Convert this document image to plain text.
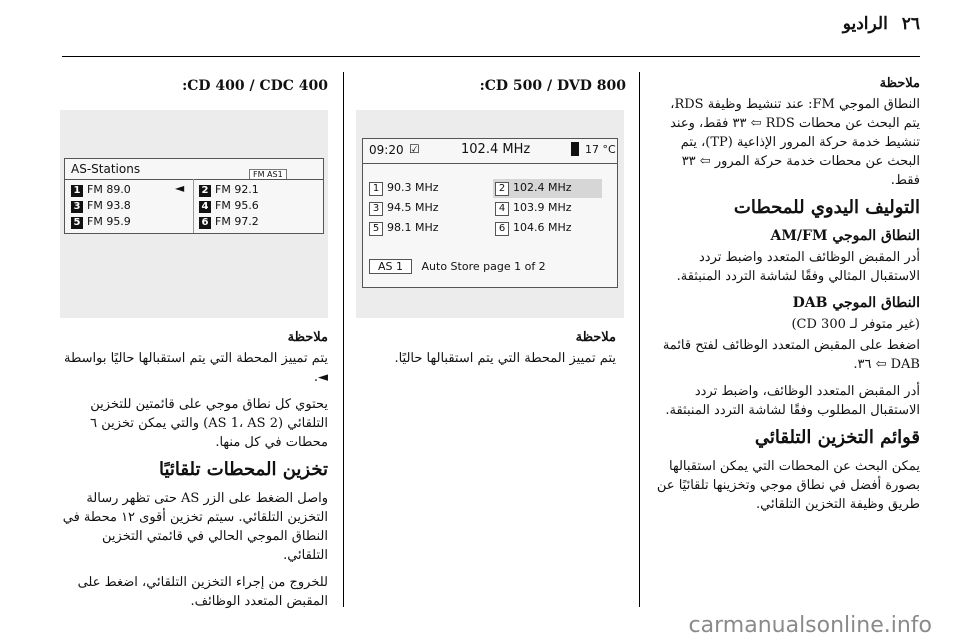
٢٦ الراديو
ملاحظة

النطاق الموجي FM: عند تنشيط وظيفة RDS، يتم البحث عن محطات RDS ⇦ ٣٣ فقط، وعند تنشيط خدمة حركة المرور الإذاعية (TP)، يتم البحث عن محطات خدمة حركة المرور ⇦ ٣٣ فقط.

التوليف اليدوي للمحطات
النطاق الموجي AM/FM

أدر المقبض الوظائف المتعدد واضبط تردد الاستقبال المثالي وفقًا لشاشة التردد المنبثقة.

النطاق الموجي DAB

(غير متوفر لـ CD 300)

اضغط على المقبض المتعدد الوظائف لفتح قائمة DAB ⇦ ٣٦.

أدر المقبض المتعدد الوظائف، واضبط تردد الاستقبال المطلوب وفقًا لشاشة التردد المنبثقة.

قوائم التخزين التلقائي

يمكن البحث عن المحطات التي يمكن استقبالها بصورة أفضل في نطاق موجي وتخزينها تلقائيًا عن طريق وظيفة التخزين التلقائي.

:CD 500 / DVD 800
09:20 ☑	102.4 MHz	17 °C
1 90.3 MHz	2 102.4 MHz
3 94.5 MHz	4 103.9 MHz
5 98.1 MHz	6 104.6 MHz
AS 1 Auto Store page 1 of 2
ملاحظة

يتم تمييز المحطة التي يتم استقبالها حاليًا.

:CD 400 / CDC 400
AS-Stations	FM AS1
1 FM 89.0	◄ 2 FM 92.1
3 FM 93.8	4 FM 95.6
5 FM 95.9	6 FM 97.2
ملاحظة

يتم تمييز المحطة التي يتم استقبالها حاليًا بواسطة ◄.

يحتوي كل نطاق موجي على قائمتين للتخزين التلقائي (AS 1، AS 2) والتي يمكن تخزين ٦ محطات في كل منها.

تخزين المحطات تلقائيًا

واصل الضغط على الزر AS حتى تظهر رسالة التخزين التلقائي. سيتم تخزين أقوى ١٢ محطة في النطاق الموجي الحالي في قائمتي التخزين التلقائي.

للخروج من إجراء التخزين التلقائي، اضغط على المقبض المتعدد الوظائف.

carmanualsonline.info
